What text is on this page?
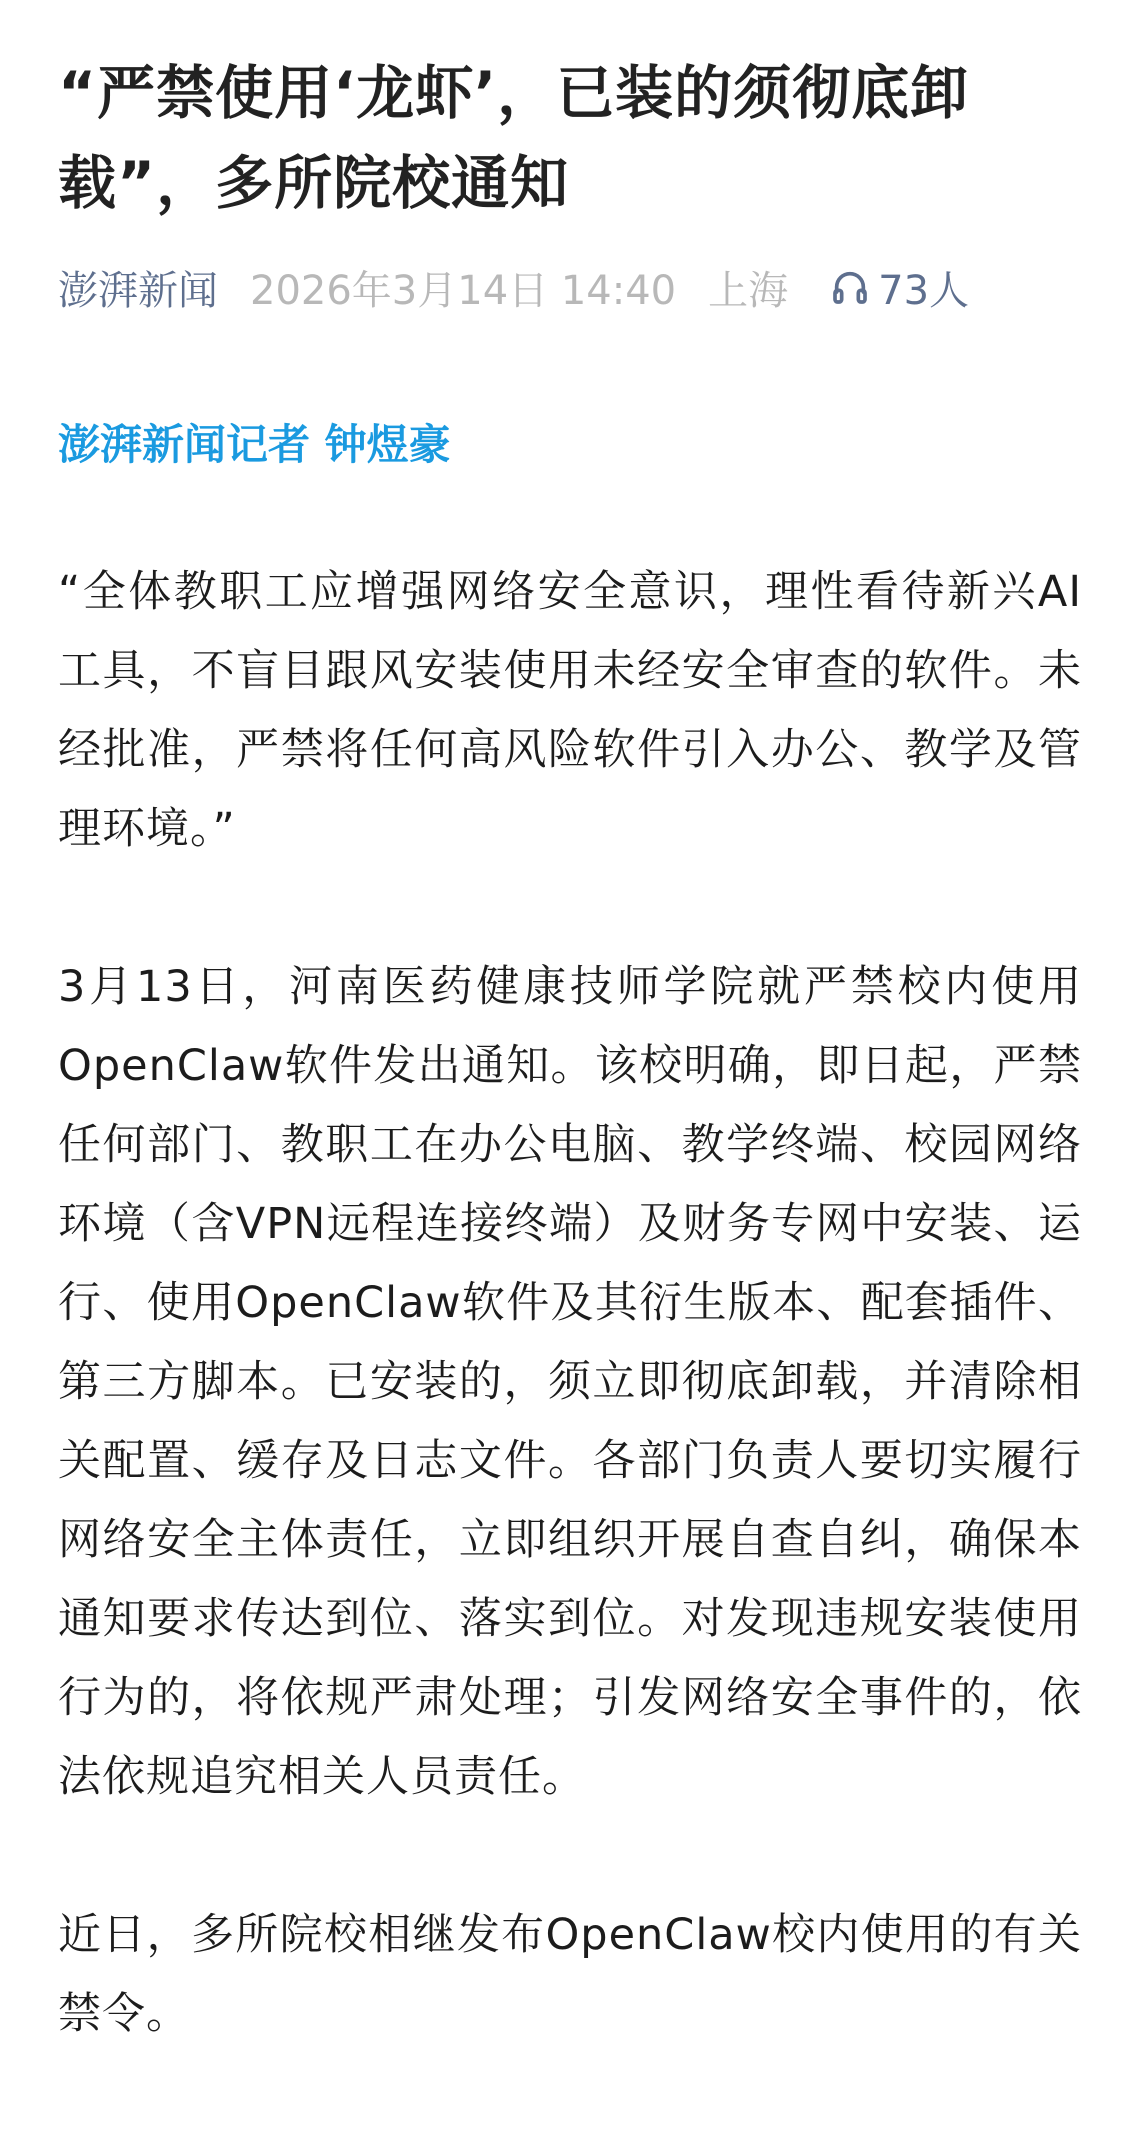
“严禁使用‘龙虾’，已装的须彻底卸载”，多所院校通知
澎湃新闻 2026年3月14日 14:40 上海 73人
澎湃新闻记者 钟煜豪

“全体教职工应增强网络安全意识，理性看待新兴AI工具，不盲目跟风安装使用未经安全审查的软件。未经批准，严禁将任何高风险软件引入办公、教学及管理环境。”

3月13日，河南医药健康技师学院就严禁校内使用OpenClaw软件发出通知。该校明确，即日起，严禁任何部门、教职工在办公电脑、教学终端、校园网络环境（含VPN远程连接终端）及财务专网中安装、运行、使用OpenClaw软件及其衍生版本、配套插件、第三方脚本。已安装的，须立即彻底卸载，并清除相关配置、缓存及日志文件。各部门负责人要切实履行网络安全主体责任，立即组织开展自查自纠，确保本通知要求传达到位、落实到位。对发现违规安装使用行为的，将依规严肃处理；引发网络安全事件的，依法依规追究相关人员责任。

近日，多所院校相继发布OpenClaw校内使用的有关禁令。
